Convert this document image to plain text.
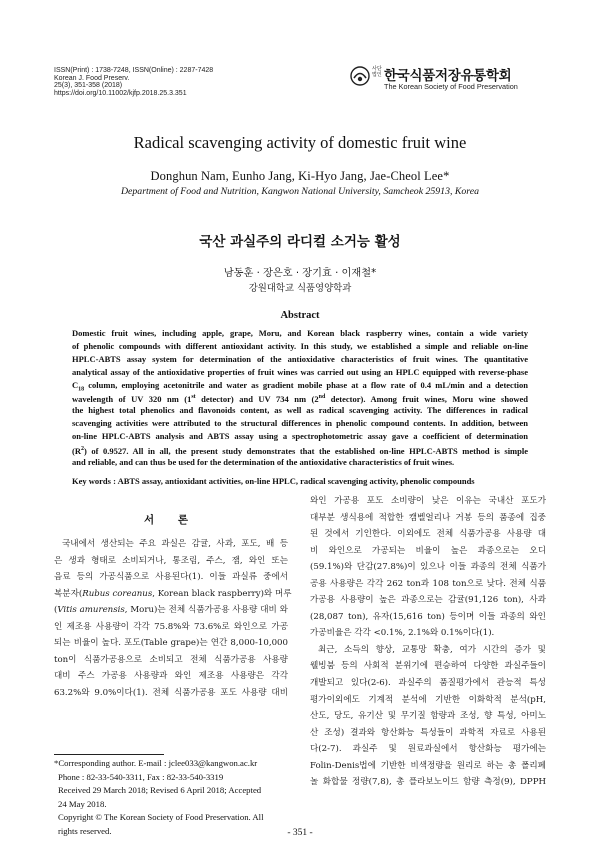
ISSN(Print) : 1738-7248, ISSN(Online) : 2287-7428
Korean J. Food Preserv.
25(3), 351-358 (2018)
https://doi.org/10.11002/kjfp.2018.25.3.351
사단법인 한국식품저장유통학회
The Korean Society of Food Preservation
Radical scavenging activity of domestic fruit wine
Donghun Nam, Eunho Jang, Ki-Hyo Jang, Jae-Cheol Lee*
Department of Food and Nutrition, Kangwon National University, Samcheok 25913, Korea
국산 과실주의 라디컬 소거능 활성
남동훈 · 장은호 · 장기효 · 이재철*
강원대학교 식품영양학과
Abstract
Domestic fruit wines, including apple, grape, Moru, and Korean black raspberry wines, contain a wide variety
of phenolic compounds with different antioxidant activity. In this study, we established a simple and reliable on-line
HPLC-ABTS assay system for determination of the antioxidative characteristics of fruit wines. The quantitative
analytical assay of the antioxidative properties of fruit wines was carried out using an HPLC equipped with reverse-phase
$C_{18}$ column, employing acetonitrile and water as gradient mobile phase at a flow rate of 0.4 mL/min and a detection
wavelength of UV 320 nm (1st detector) and UV 734 nm (2nd detector). Among fruit wines, Moru wine showed
the highest total phenolics and flavonoids content, as well as radical scavenging activity. The differences in radical
scavenging activities were attributed to the structural differences in phenolic compound contents. In addition, between
on-line HPLC-ABTS analysis and ABTS assay using a spectrophotometric assay gave a coefficient of determination
$(R^2)$ of 0.9527. All in all, the present study demonstrates that the established on-line HPLC-ABTS method is simple
and reliable, and can thus be used for the determination of the antioxidative characteristics of fruit wines.
Key words : ABTS assay, antioxidant activities, on-line HPLC, radical scavenging activity, phenolic compounds
서 론
국내에서 생산되는 주요 과실은 감귤, 사과, 포도, 배 등
은 생과 형태로 소비되거나, 통조림, 주스, 잼, 와인 또는
음료 등의 가공식품으로 사용된다(1). 이들 과실류 중에서
복분자(Rubus coreanus, Korean black raspberry)와 머루
(Vitis amurensis, Moru)는 전체 식품가공용 사용량 대비 와
인 제조용 사용량이 각각 75.8%와 73.6%로 와인으로 가공
되는 비율이 높다. 포도(Table grape)는 연간 8,000-10,000
ton이 식품가공용으로 소비되고 전체 식품가공용 사용량
대비 주스 가공용 사용량과 와인 제조용 사용량은 각각
63.2%와 9.0%이다(1). 전체 식품가공용 포도 사용량 대비
와인 가공용 포도 소비량이 낮은 이유는 국내산 포도가
대부분 생식용에 적합한 캠벨얼리나 거봉 등의 품종에 집중
된 것에서 기인한다. 이외에도 전체 식품가공용 사용량 대
비 와인으로 가공되는 비율이 높은 과종으로는 오디
(59.1%)와 단감(27.8%)이 있으나 이들 과종의 전체 식품가
공용 사용량은 각각 262 ton과 108 ton으로 낮다. 전체 식품
가공용 사용량이 높은 과종으로는 감귤(91,126 ton), 사과
(28,087 ton), 유자(15,616 ton) 등이며 이들 과종의 와인
가공비율은 각각 <0.1%, 2.1%와 0.1%이다(1).
최근, 소득의 향상, 교통망 확충, 여가 시간의 증가 및
웰빙붐 등의 사회적 분위기에 편승하여 다양한 과실주들이
개발되고 있다(2-6). 과실주의 품질평가에서 관능적 특성
평가이외에도 기계적 분석에 기반한 이화학적 분석(pH,
산도, 당도, 유기산 및 무기질 함량과 조성, 향 특성, 아미노
산 조성) 결과와 항산화능 특성들이 과학적 자료로 사용된
다(2-7). 과실주 및 원료과실에서 항산화능 평가에는
Folin-Denis법에 기반한 비색정량을 원리로 하는 총 폴리페
놀 화합물 정량(7,8), 총 플라보노이드 함량 측정(9), DPPH
*Corresponding author. E-mail : jclee033@kangwon.ac.kr
Phone : 82-33-540-3311, Fax : 82-33-540-3319
Received 29 March 2018; Revised 6 April 2018; Accepted
24 May 2018.
Copyright © The Korean Society of Food Preservation. All
rights reserved.	- 351 -
